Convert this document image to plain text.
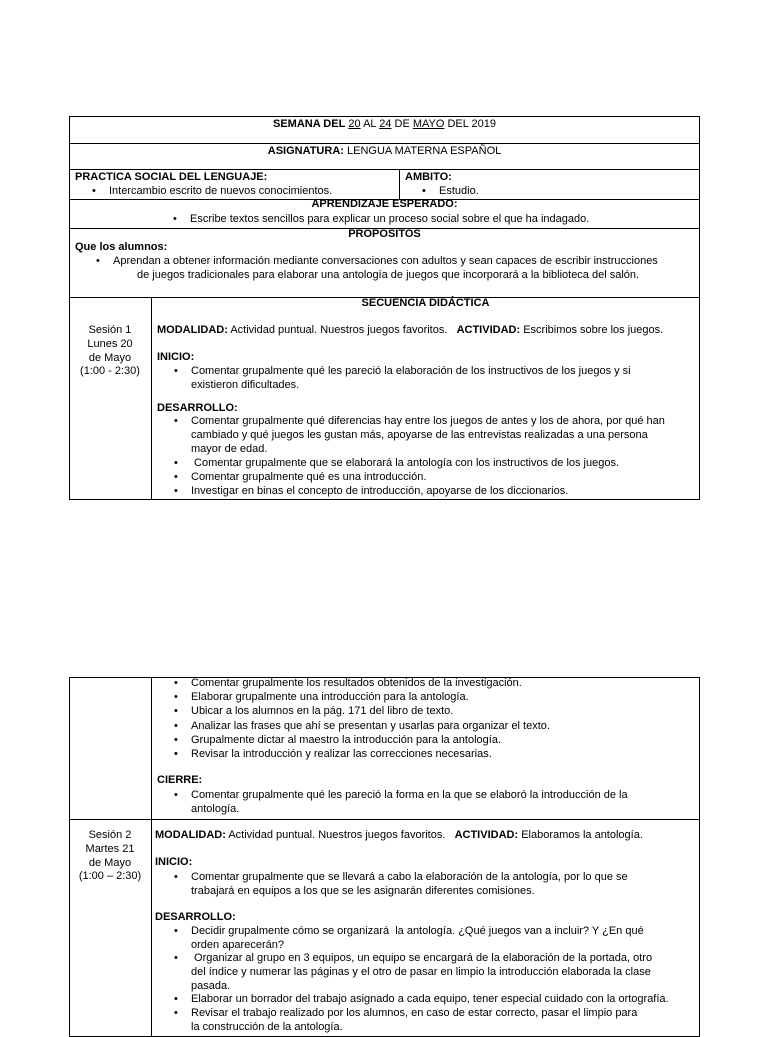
SEMANA DEL 20 AL 24 DE MAYO DEL 2019
ASIGNATURA: LENGUA MATERNA ESPAÑOL
PRACTICA SOCIAL DEL LENGUAJE:
• Intercambio escrito de nuevos conocimientos.
AMBITO:
• Estudio.
APRENDIZAJE ESPERADO:
• Escribe textos sencillos para explicar un proceso social sobre el que ha indagado.
PROPOSITOS
Que los alumnos:
• Aprendan a obtener información mediante conversaciones con adultos y sean capaces de escribir instrucciones
de juegos tradicionales para elaborar una antología de juegos que incorporará a la biblioteca del salón.
SECUENCIA DIDÁCTICA
Sesión 1
Lunes 20
de Mayo
(1:00 - 2:30)
MODALIDAD: Actividad puntual. Nuestros juegos favoritos. ACTIVIDAD: Escribimos sobre los juegos.
INICIO:
• Comentar grupalmente qué les pareció la elaboración de los instructivos de los juegos y si
existieron dificultades.
DESARROLLO:
• Comentar grupalmente qué diferencias hay entre los juegos de antes y los de ahora, por qué han
cambiado y qué juegos les gustan más, apoyarse de las entrevistas realizadas a una persona
mayor de edad.
• Comentar grupalmente que se elaborará la antología con los instructivos de los juegos.
• Comentar grupalmente qué es una introducción.
• Investigar en binas el concepto de introducción, apoyarse de los diccionarios.
• Comentar grupalmente los resultados obtenidos de la investigación.
• Elaborar grupalmente una introducción para la antología.
• Ubicar a los alumnos en la pág. 171 del libro de texto.
• Analizar las frases que ahí se presentan y usarlas para organizar el texto.
• Grupalmente dictar al maestro la introducción para la antología.
• Revisar la introducción y realizar las correcciones necesarias.
CIERRE:
• Comentar grupalmente qué les pareció la forma en la que se elaboró la introducción de la
antología.
Sesión 2
Martes 21
de Mayo
(1:00 – 2:30)
MODALIDAD: Actividad puntual. Nuestros juegos favoritos. ACTIVIDAD: Elaboramos la antología.
INICIO:
• Comentar grupalmente que se llevará a cabo la elaboración de la antología, por lo que se
trabajará en equipos a los que se les asignarán diferentes comisiones.
DESARROLLO:
• Decidir grupalmente cómo se organizará  la antología. ¿Qué juegos van a incluir? Y ¿En qué
orden aparecerán?
• Organizar al grupo en 3 equipos, un equipo se encargará de la elaboración de la portada, otro
del índice y numerar las páginas y el otro de pasar en limpio la introducción elaborada la clase
pasada.
• Elaborar un borrador del trabajo asignado a cada equipo, tener especial cuidado con la ortografía.
• Revisar el trabajo realizado por los alumnos, en caso de estar correcto, pasar el limpio para
la construcción de la antología.
